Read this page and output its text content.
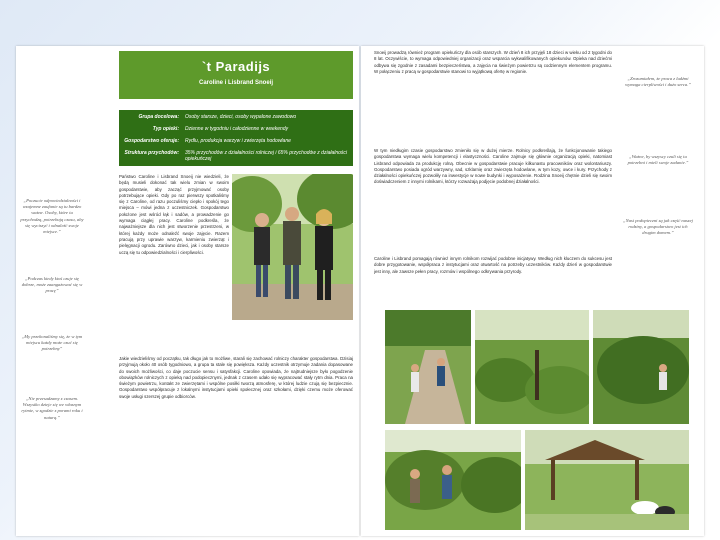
`t Paradijs
Caroline i Lisbrand Snoeij
Grupa docelowa: Osoby starsze, dzieci, osoby wypalone zawodowo
Typ opieki: Dzienne w tygodniu i całodzienne w weekendy
Gospodarstwo oferuje: Rydlu, produkcja warzyw i zwierzęta hodowlane
Struktura przychodów: 35% przychodów z działalności rolniczej i 65% przychodów z działalności opiekuńczej
„Poczucie odpowiedzialności i wzajemne zaufanie są tu bardzo ważne. Osoby, które tu przychodzą, potrzebują czasu, aby się wyciszyć i odnaleźć swoje miejsce.”
„Podczas kiedy ktoś czuje się dobrze, może zaangażować się w pracę”
„My przekonaliśmy się, że w tym miejscu każdy może czuć się potrzebny”
„Nie przesadzamy z czasem. Wszystko dzieje się we własnym rytmie, w zgodzie z porami roku i naturą.”
Państwo Caroline i Lisbrand Snoeij nie wiedzieli, że będą musieli dokonać tak wielu zmian w swoim gospodarstwie, aby zacząć przyjmować osoby potrzebujące opieki. Gdy po raz pierwszy spotkaliśmy się z Caroline, od razu poczuliśmy ciepło i spokój tego miejsca – mówi jedna z uczestniczek. Gospodarstwo położone jest wśród łąk i sadów, a prowadzenie go wymaga ciągłej pracy. Caroline podkreśla, że najważniejsze dla nich jest stworzenie przestrzeni, w której każdy może odnaleźć swoje zajęcie. Razem pracują przy uprawie warzyw, karmieniu zwierząt i pielęgnacji ogrodu. Zarówno dzieci, jak i osoby starsze uczą się tu odpowiedzialności i cierpliwości.
Jakie wiedzieliśmy od początku, tak długo jak to możliwe, starali się zachować rolniczy charakter gospodarstwa. Dzisiaj przyjmują około 40 osób tygodniowo, a grupa ta stale się powiększa. Każdy uczestnik otrzymuje zadania dopasowane do swoich możliwości, co daje poczucie sensu i satysfakcji. Caroline opowiada, że najtrudniejsze było pogodzenie obowiązków rolniczych z opieką nad podopiecznymi, jednak z czasem udało się wypracować stały rytm dnia. Praca na świeżym powietrzu, kontakt ze zwierzętami i wspólne posiłki tworzą atmosferę, w której ludzie czują się bezpiecznie. Gospodarstwo współpracuje z lokalnymi instytucjami opieki społecznej oraz szkołami, dzięki czemu może oferować swoje usługi szerszej grupie odbiorców.
Snoeij prowadzą również program opiekuńczy dla osób starszych. W dzień 8 ich przyjęli 18 dzieci w wieku od 2 tygodni do 8 lat. Oczywiście, to wymaga odpowiedniej organizacji oraz wsparcia wykwalifikowanych opiekunów. Opieka nad dziećmi odbywa się zgodnie z zasadami bezpieczeństwa, a zajęcia na świeżym powietrzu są codziennym elementem programu. W połączeniu z pracą w gospodarstwie stanowi to wyjątkową ofertę w regionie.
W tym niedługim czasie gospodarstwo zmieniło się w dużej mierze. Rolnicy podkreślają, że funkcjonowanie takiego gospodarstwa wymaga wielu kompetencji i elastyczności. Caroline zajmuje się głównie organizacją opieki, natomiast Lisbrand odpowiada za produkcję rolną. Obecnie w gospodarstwie pracuje kilkunastu pracowników oraz wolontariuszy. Gospodarstwo posiada ogród warzywny, sad, szklarnię oraz zwierzęta hodowlane, w tym kozy, owce i kury. Przychody z działalności opiekuńczej pozwoliły na inwestycje w nowe budynki i wyposażenie. Rodzina Snoeij chętnie dzieli się swoim doświadczeniem z innymi rolnikami, którzy rozważają podjęcie podobnej działalności.
Caroline i Lisbrand pomagają również innym rolnikom rozwijać podobne inicjatywy. Według nich kluczem do sukcesu jest dobre przygotowanie, współpraca z instytucjami oraz otwartość na potrzeby uczestników. Każdy dzień w gospodarstwie jest inny, ale zawsze pełen pracy, rozmów i wspólnego odkrywania przyrody.
„Zrozumiałem, że praca z ludźmi wymaga cierpliwości i dużo serca.”
„Ważne, by wszyscy czuli się tu potrzebni i mieli swoje zadanie.”
„Nasi podopieczni są jak część naszej rodziny, a gospodarstwo jest ich drugim domem.”
